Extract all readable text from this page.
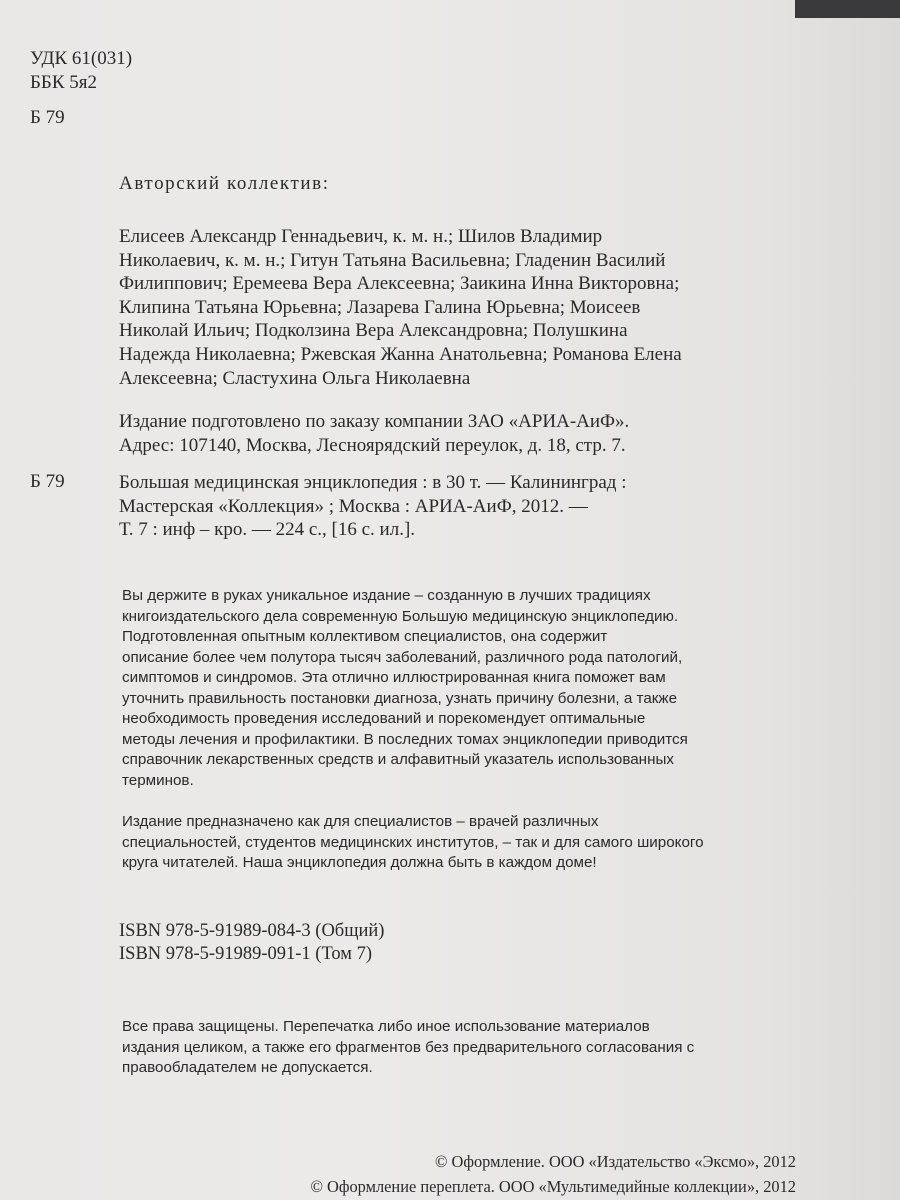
УДК 61(031)

ББК 5я2

Б 79

Авторский коллектив:

Елисеев Александр Геннадьевич, к. м. н.; Шилов Владимир
Николаевич, к. м. н.; Гитун Татьяна Васильевна; Гладенин Василий
Филиппович; Еремеева Вера Алексеевна; Заикина Инна Викторовна;
Клипина Татьяна Юрьевна; Лазарева Галина Юрьевна; Моисеев
Николай Ильич; Подколзина Вера Александровна; Полушкина
Надежда Николаевна; Ржевская Жанна Анатольевна; Романова Елена
Алексеевна; Сластухина Ольга Николаевна
Издание подготовлено по заказу компании ЗАО «АРИА-АиФ».
Адрес: 107140, Москва, Лесноярядский переулок, д. 18, стр. 7.

Б 79	Большая медицинская энциклопедия : в 30 т. — Калининград :
Мастерская «Коллекция» ; Москва : АРИА-АиФ, 2012. —
Т. 7 : инф – кро. — 224 с., [16 с. ил.].
Вы держите в руках уникальное издание – созданную в лучших традициях
книгоиздательского дела современную Большую медицинскую энциклопедию.
Подготовленная опытным коллективом специалистов, она содержит
описание более чем полутора тысяч заболеваний, различного рода патологий,
симптомов и синдромов. Эта отлично иллюстрированная книга поможет вам
уточнить правильность постановки диагноза, узнать причину болезни, а также
необходимость проведения исследований и порекомендует оптимальные
методы лечения и профилактики. В последних томах энциклопедии приводится
справочник лекарственных средств и алфавитный указатель использованных
терминов.
Издание предназначено как для специалистов – врачей различных
специальностей, студентов медицинских институтов, – так и для самого широкого
круга читателей. Наша энциклопедия должна быть в каждом доме!
ISBN 978-5-91989-084-3 (Общий)
ISBN 978-5-91989-091-1 (Том 7)
Все права защищены. Перепечатка либо иное использование материалов
издания целиком, а также его фрагментов без предварительного согласования с
правообладателем не допускается.
© Оформление. ООО «Издательство «Эксмо», 2012
© Оформление переплета. ООО «Мультимедийные коллекции», 2012
